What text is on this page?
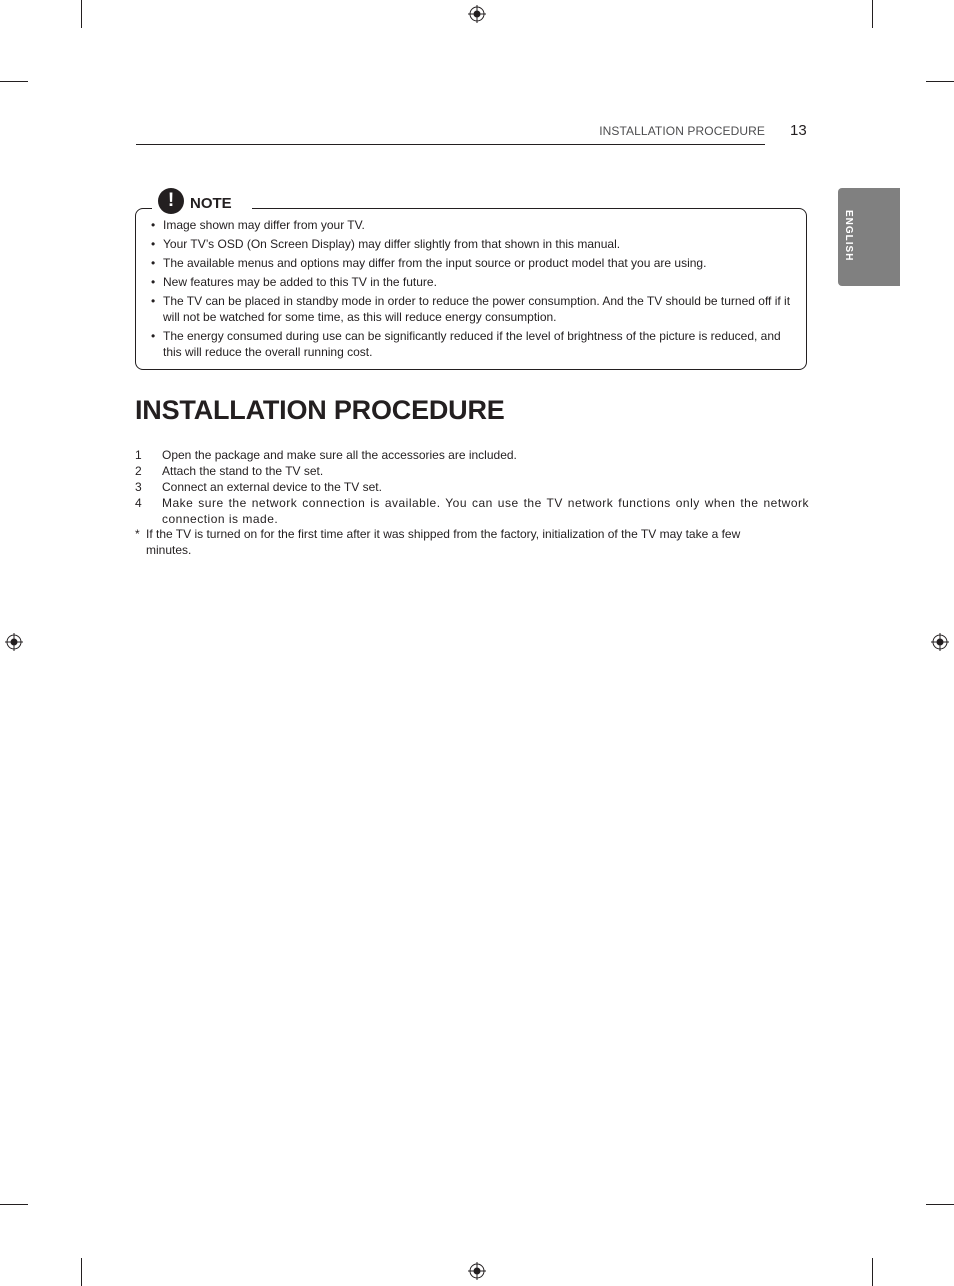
INSTALLATION PROCEDURE 13
ENGLISH
!	NOTE
• Image shown may differ from your TV.
• Your TV’s OSD (On Screen Display) may differ slightly from that shown in this manual.
• The available menus and options may differ from the input source or product model that you are using.
• New features may be added to this TV in the future.
• The TV can be placed in standby mode in order to reduce the power consumption. And the TV should be turned off if it will not be watched for some time, as this will reduce energy consumption.
• The energy consumed during use can be significantly reduced if the level of brightness of the picture is reduced, and this will reduce the overall running cost.
INSTALLATION PROCEDURE
1 Open the package and make sure all the accessories are included.
2 Attach the stand to the TV set.
3 Connect an external device to the TV set.
4 Make sure the network connection is available. You can use the TV network functions only when the network connection is made.
* If the TV is turned on for the first time after it was shipped from the factory, initialization of the TV may take a few minutes.
